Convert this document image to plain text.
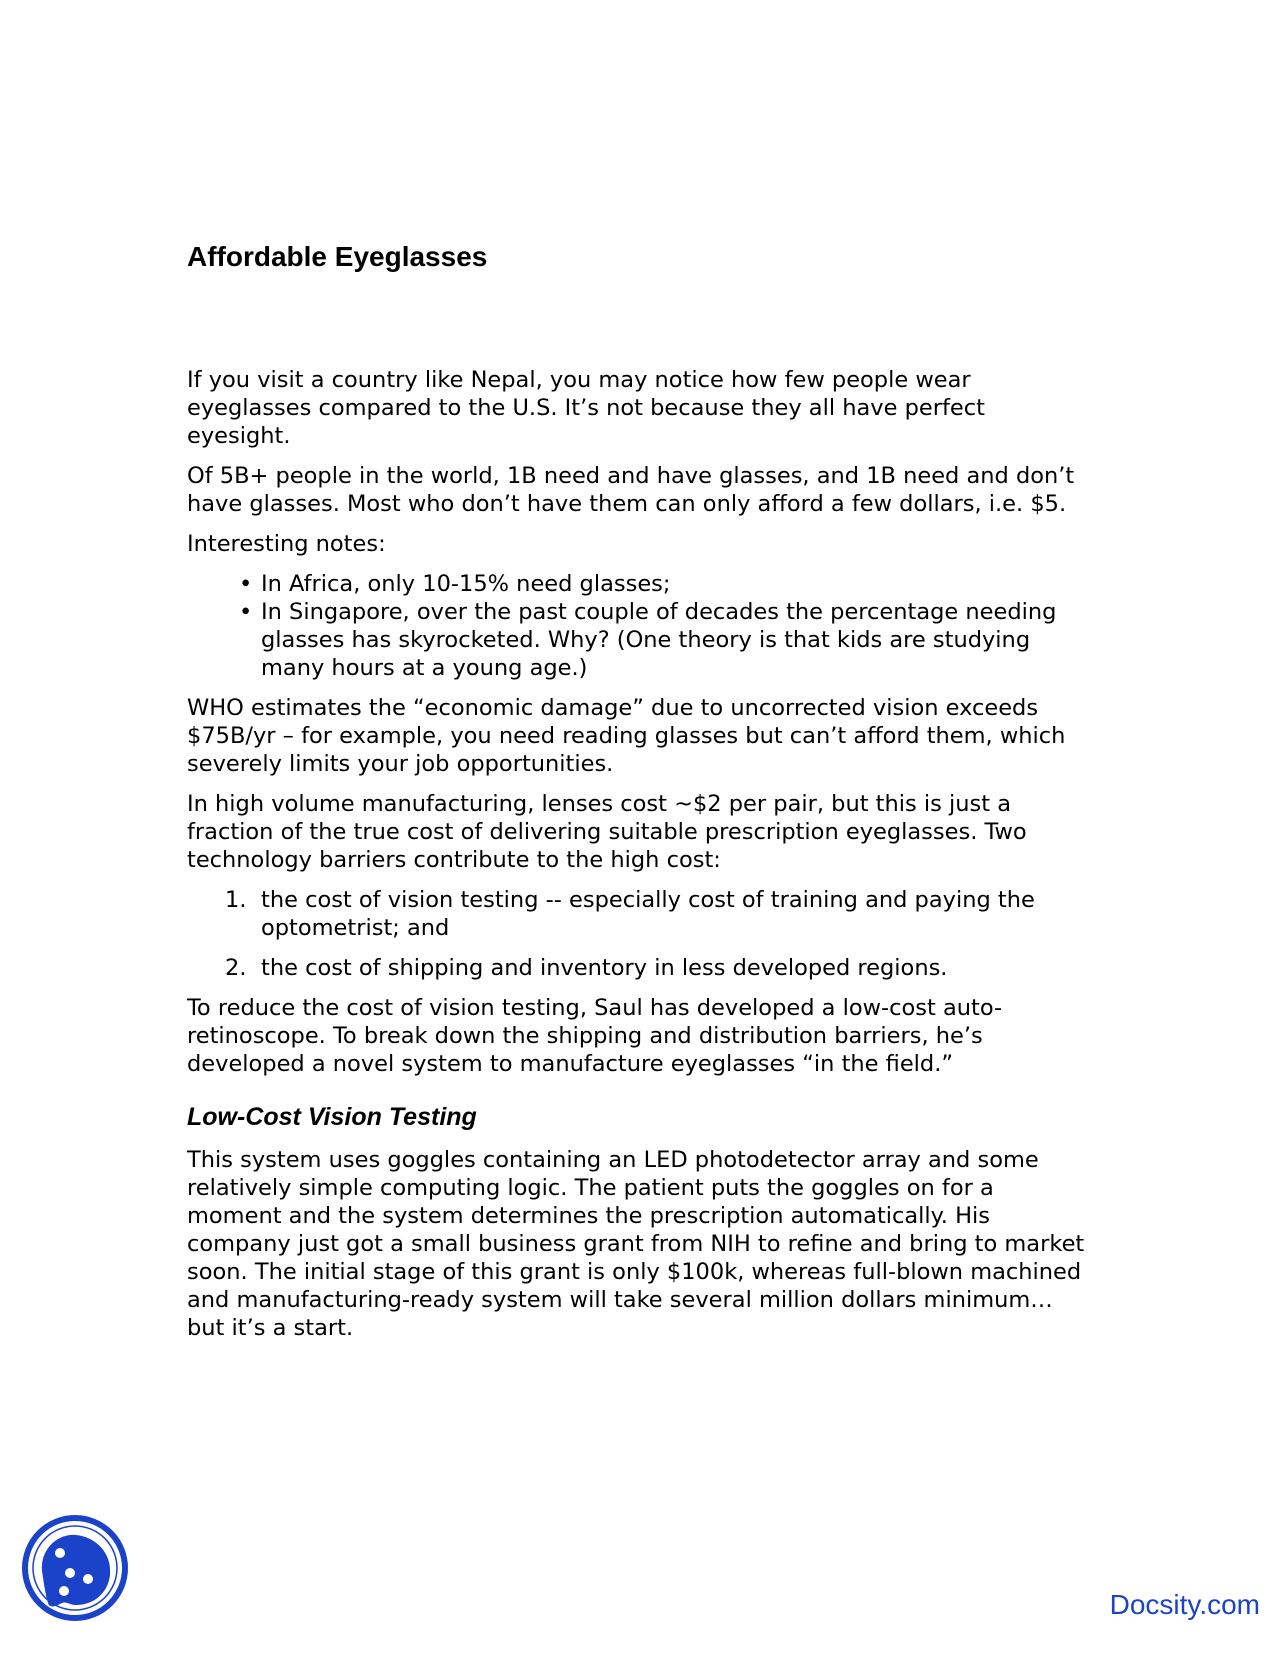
Affordable Eyeglasses

If you visit a country like Nepal, you may notice how few people wear eyeglasses compared to the U.S. It’s not because they all have perfect eyesight.

Of 5B+ people in the world, 1B need and have glasses, and 1B need and don’t have glasses. Most who don’t have them can only afford a few dollars, i.e. $5.

Interesting notes:

• In Africa, only 10-15% need glasses;
• In Singapore, over the past couple of decades the percentage needing glasses has skyrocketed. Why? (One theory is that kids are studying many hours at a young age.)

WHO estimates the “economic damage” due to uncorrected vision exceeds $75B/yr – for example, you need reading glasses but can’t afford them, which severely limits your job opportunities.

In high volume manufacturing, lenses cost ~$2 per pair, but this is just a fraction of the true cost of delivering suitable prescription eyeglasses. Two technology barriers contribute to the high cost:

1. the cost of vision testing -- especially cost of training and paying the optometrist; and
2. the cost of shipping and inventory in less developed regions.

To reduce the cost of vision testing, Saul has developed a low-cost auto-retinoscope. To break down the shipping and distribution barriers, he’s developed a novel system to manufacture eyeglasses “in the field.”

Low-Cost Vision Testing

This system uses goggles containing an LED photodetector array and some relatively simple computing logic. The patient puts the goggles on for a moment and the system determines the prescription automatically. His company just got a small business grant from NIH to refine and bring to market soon. The initial stage of this grant is only $100k, whereas full-blown machined and manufacturing-ready system will take several million dollars minimum…but it’s a start.

Docsity.com
